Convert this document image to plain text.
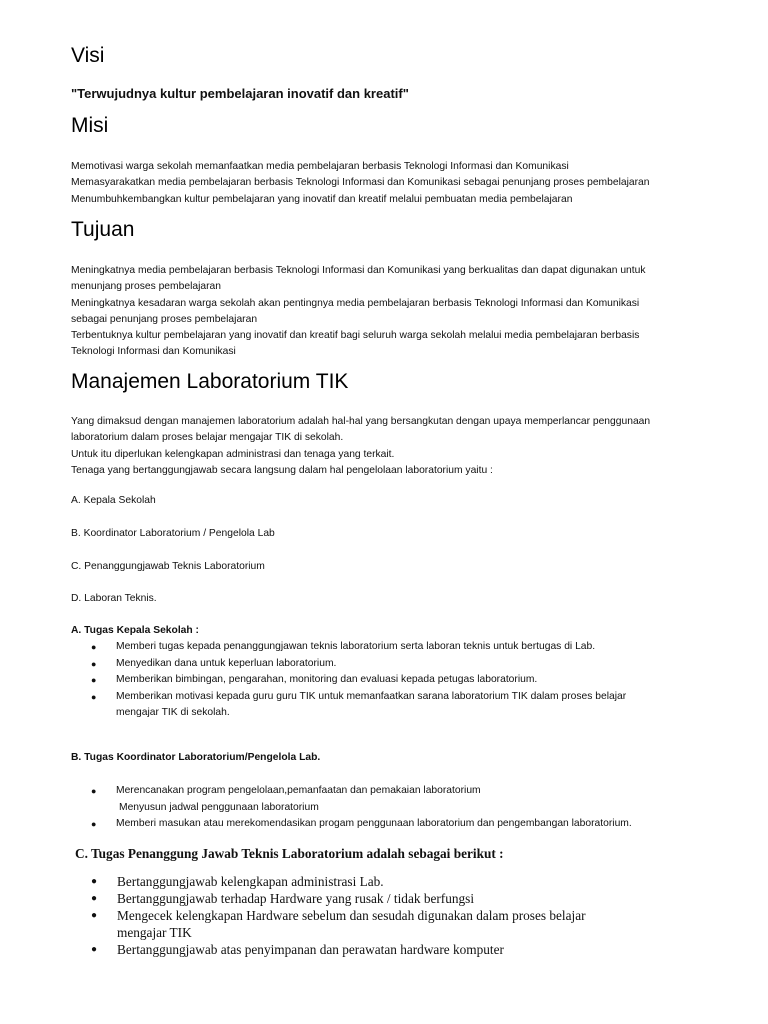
Visi
"Terwujudnya kultur pembelajaran inovatif dan kreatif"
Misi
Memotivasi warga sekolah memanfaatkan media pembelajaran berbasis Teknologi Informasi dan Komunikasi
Memasyarakatkan media pembelajaran berbasis Teknologi Informasi dan Komunikasi sebagai penunjang proses pembelajaran
Menumbuhkembangkan kultur pembelajaran yang inovatif dan kreatif melalui pembuatan media pembelajaran
Tujuan
Meningkatnya media pembelajaran berbasis Teknologi Informasi dan Komunikasi yang berkualitas dan dapat digunakan untuk
menunjang proses pembelajaran
Meningkatnya kesadaran warga sekolah akan pentingnya media pembelajaran berbasis Teknologi Informasi dan Komunikasi
sebagai penunjang proses pembelajaran
Terbentuknya kultur pembelajaran yang inovatif dan kreatif bagi seluruh warga sekolah melalui media pembelajaran berbasis
Teknologi Informasi dan Komunikasi
Manajemen Laboratorium TIK
Yang dimaksud dengan manajemen laboratorium adalah hal-hal yang bersangkutan dengan upaya memperlancar penggunaan
laboratorium dalam proses belajar mengajar TIK di sekolah.
Untuk itu diperlukan kelengkapan administrasi dan tenaga yang terkait.
Tenaga yang bertanggungjawab secara langsung dalam hal pengelolaan laboratorium yaitu :
A. Kepala Sekolah
B. Koordinator Laboratorium / Pengelola Lab
C. Penanggungjawab Teknis Laboratorium
D. Laboran Teknis.
A. Tugas Kepala Sekolah :
● Memberi tugas kepada penanggungjawan teknis laboratorium serta laboran teknis untuk bertugas di Lab.
● Menyedikan dana untuk keperluan laboratorium.
● Memberikan bimbingan, pengarahan, monitoring dan evaluasi kepada petugas laboratorium.
● Memberikan motivasi kepada guru guru TIK untuk memanfaatkan sarana laboratorium TIK dalam proses belajar
mengajar TIK di sekolah.
B. Tugas Koordinator Laboratorium/Pengelola Lab.
● Merencanakan program pengelolaan,pemanfaatan dan pemakaian laboratorium
Menyusun jadwal penggunaan laboratorium
● Memberi masukan atau merekomendasikan progam penggunaan laboratorium dan pengembangan laboratorium.
C. Tugas Penanggung Jawab Teknis Laboratorium adalah sebagai berikut :
● Bertanggungjawab kelengkapan administrasi Lab.
● Bertanggungjawab terhadap Hardware yang rusak / tidak berfungsi
● Mengecek kelengkapan Hardware sebelum dan sesudah digunakan dalam proses belajar
mengajar TIK
● Bertanggungjawab atas penyimpanan dan perawatan hardware komputer
